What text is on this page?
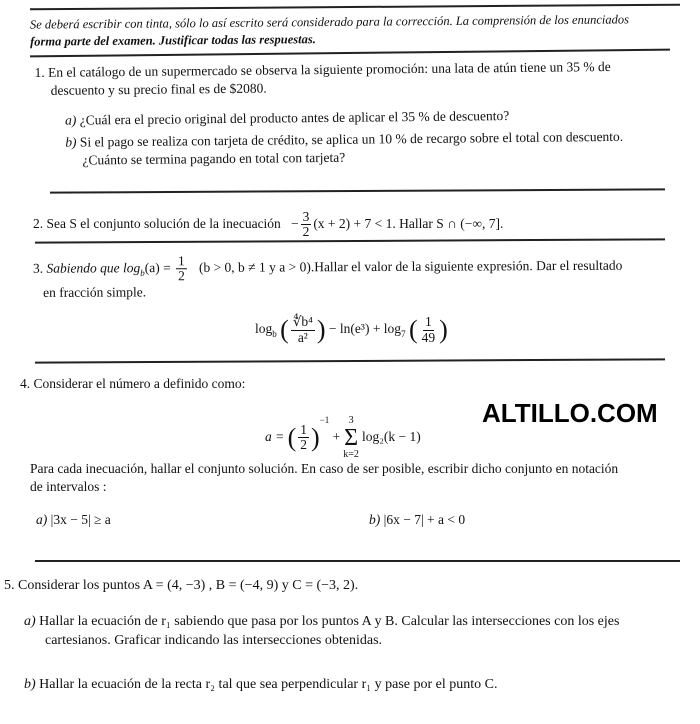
Se deberá escribir con tinta, sólo lo así escrito será considerado para la corrección. La comprensión de los enunciados
forma parte del examen. Justificar todas las respuestas.
1. En el catálogo de un supermercado se observa la siguiente promoción: una lata de atún tiene un 35 % de
descuento y su precio final es de $2080.
a) ¿Cuál era el precio original del producto antes de aplicar el 35 % de descuento?
b) Si el pago se realiza con tarjeta de crédito, se aplica un 10 % de recargo sobre el total con descuento.
¿Cuánto se termina pagando en total con tarjeta?
2. Sea S el conjunto solución de la inecuación − $\frac{3}{2} (x + 2) + 7 < 1$. Hallar S ∩ (−∞, 7].
3. Sabiendo que $\log_b(a) = \frac{1}{2} (b > 0$, b ≠ 1 y a > 0).Hallar el valor de la siguiente expresión. Dar el resultado
en fracción simple.
$\log_b$ ( $\frac{\text{∜b⁴}}{\text{a²}}$ ) − $\ln(e^3) + \log_7$ ( $\frac{1}{49}$ )
4. Considerar el número a definido como:
a = ( $\frac{1}{2} )^{-1}$ +
3
Σ
k=2
log₂(k − 1)
ALTILLO.COM
Para cada inecuación, hallar el conjunto solución. En caso de ser posible, escribir dicho conjunto en notación
de intervalos :
a) |3x − 5| ≥ a	b) |6x − 7| + a < 0
5. Considerar los puntos A = (4, −3) , B = (−4, 9) y C = (−3, 2).
a) Hallar la ecuación de r₁ sabiendo que pasa por los puntos A y B. Calcular las intersecciones con los ejes
cartesianos. Graficar indicando las intersecciones obtenidas.
b) Hallar la ecuación de la recta r₂ tal que sea perpendicular r₁ y pase por el punto C.
